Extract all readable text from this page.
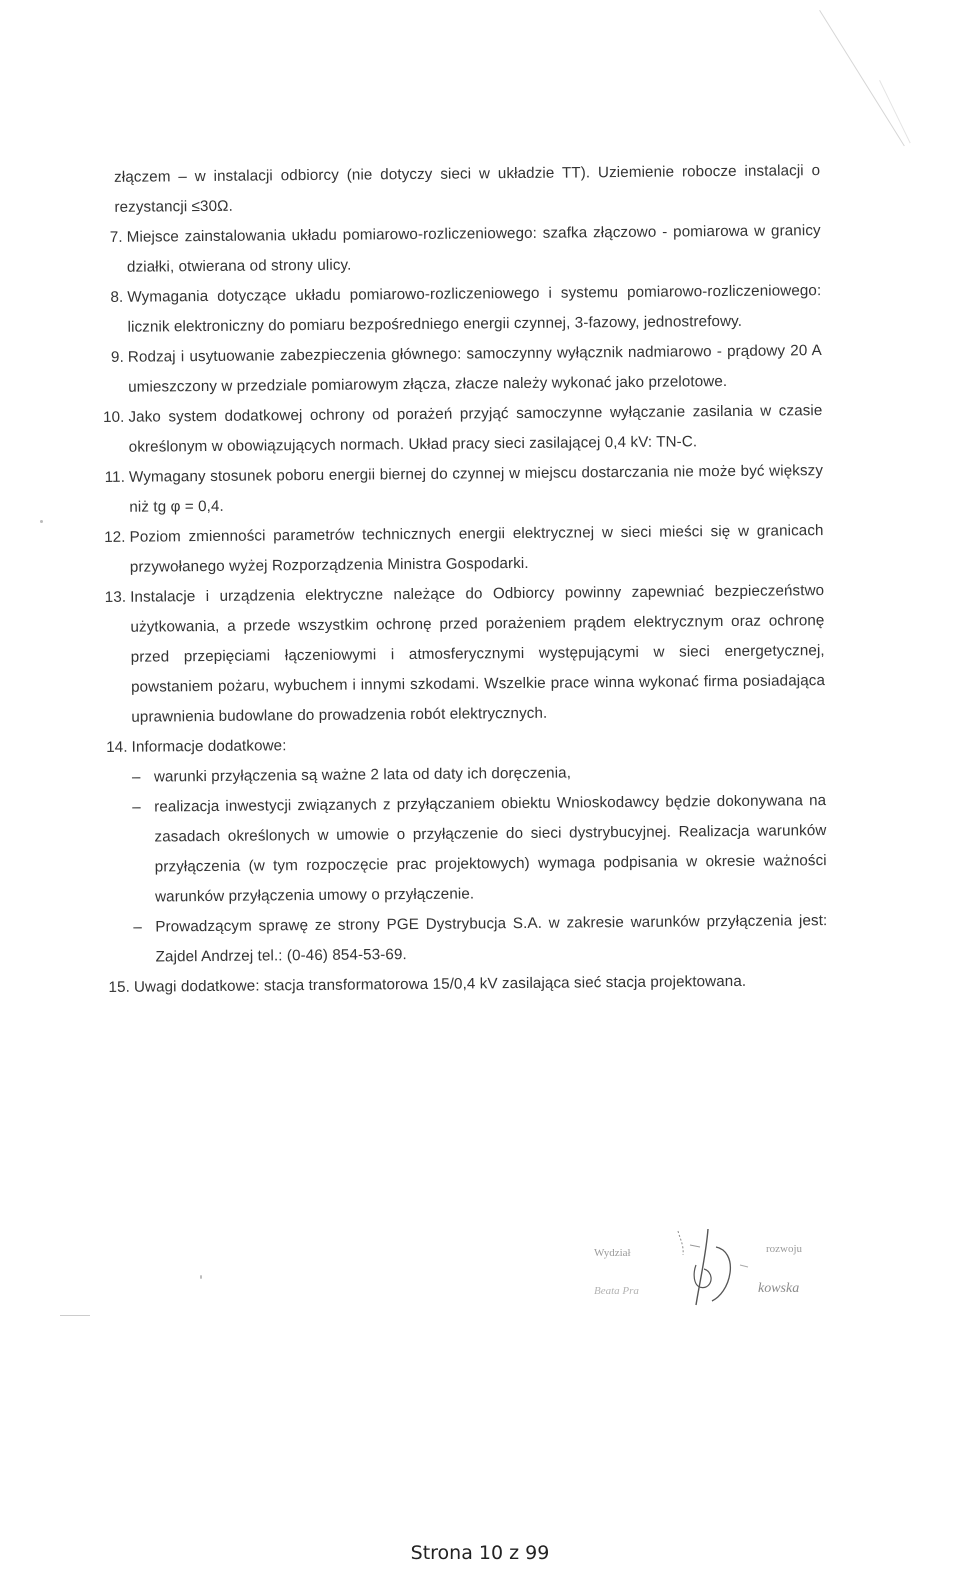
złączem – w instalacji odbiorcy (nie dotyczy sieci w układzie TT). Uziemienie robocze instalacji o rezystancji ≤30Ω.
7. Miejsce zainstalowania układu pomiarowo-rozliczeniowego: szafka złączowo - pomiarowa w granicy działki, otwierana od strony ulicy.
8. Wymagania dotyczące układu pomiarowo-rozliczeniowego i systemu pomiarowo-rozliczeniowego: licznik elektroniczny do pomiaru bezpośredniego energii czynnej, 3-fazowy, jednostrefowy.
9. Rodzaj i usytuowanie zabezpieczenia głównego: samoczynny wyłącznik nadmiarowo - prądowy 20 A umieszczony w przedziale pomiarowym złącza, złacze należy wykonać jako przelotowe.
10. Jako system dodatkowej ochrony od porażeń przyjąć samoczynne wyłączanie zasilania w czasie określonym w obowiązujących normach. Układ pracy sieci zasilającej 0,4 kV: TN-C.
11. Wymagany stosunek poboru energii biernej do czynnej w miejscu dostarczania nie może być większy niż tg φ = 0,4.
12. Poziom zmienności parametrów technicznych energii elektrycznej w sieci mieści się w granicach przywołanego wyżej Rozporządzenia Ministra Gospodarki.
13. Instalacje i urządzenia elektryczne należące do Odbiorcy powinny zapewniać bezpieczeństwo użytkowania, a przede wszystkim ochronę przed porażeniem prądem elektrycznym oraz ochronę przed przepięciami łączeniowymi i atmosferycznymi występującymi w sieci energetycznej, powstaniem pożaru, wybuchem i innymi szkodami. Wszelkie prace winna wykonać firma posiadająca uprawnienia budowlane do prowadzenia robót elektrycznych.
14. Informacje dodatkowe:
– warunki przyłączenia są ważne 2 lata od daty ich doręczenia,
– realizacja inwestycji związanych z przyłączaniem obiektu Wnioskodawcy będzie dokonywana na zasadach określonych w umowie o przyłączenie do sieci dystrybucyjnej. Realizacja warunków przyłączenia (w tym rozpoczęcie prac projektowych) wymaga podpisania w okresie ważności warunków przyłączenia umowy o przyłączenie.
– Prowadzącym sprawę ze strony PGE Dystrybucja S.A. w zakresie warunków przyłączenia jest: Zajdel Andrzej tel.: (0-46) 854-53-69.
15. Uwagi dodatkowe: stacja transformatorowa 15/0,4 kV zasilająca sieć stacja projektowana.
Wydział	rozwoju
Beata Pra	kowska
Strona 10 z 99
